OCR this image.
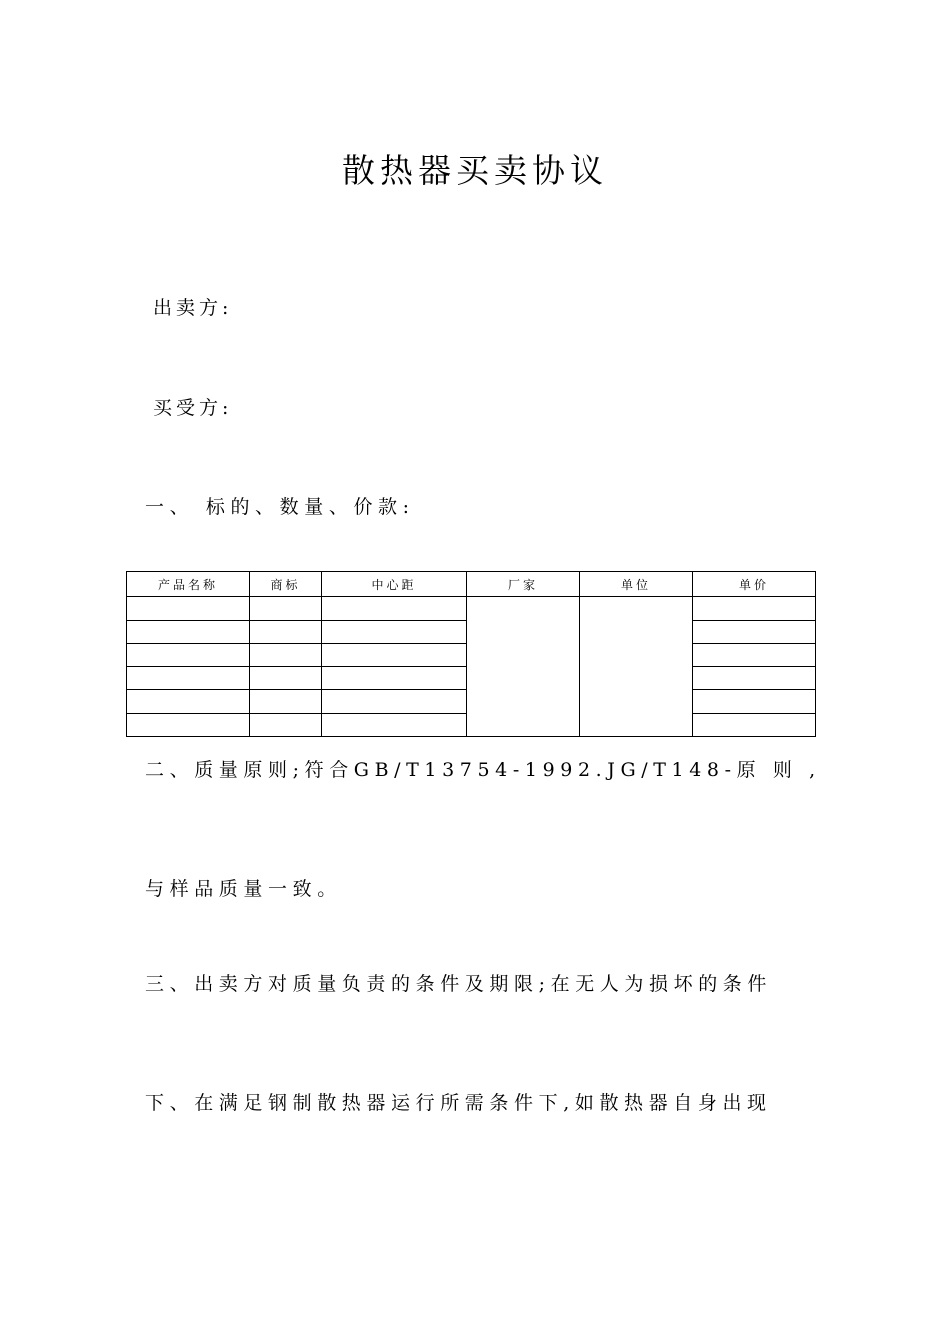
散热器买卖协议
出卖方:
买受方:
一、 标的、数量、价款:
产品名称	商标	中心距	厂家	单位	单价

二、质量原则;符合GB/T13754-1992.JG/T148-原 则 ,
与样品质量一致。
三、出卖方对质量负责的条件及期限;在无人为损坏的条件
下、在满足钢制散热器运行所需条件下,如散热器自身出现
